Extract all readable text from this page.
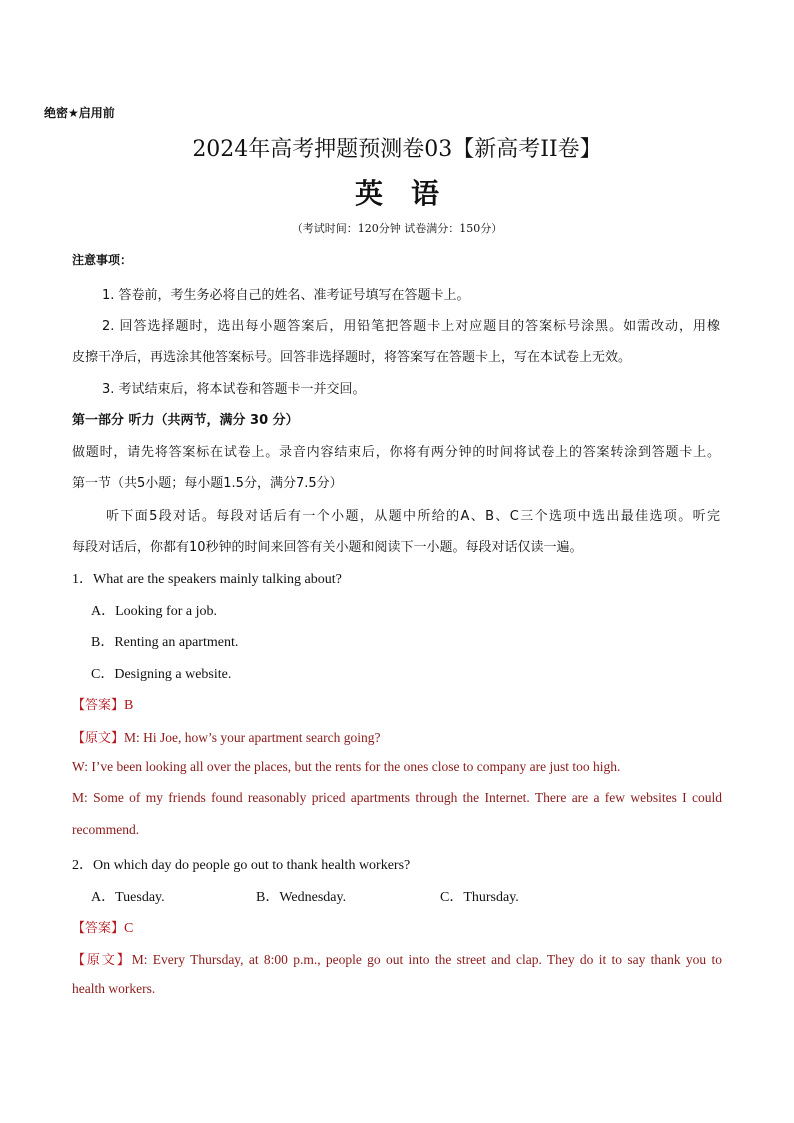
绝密★启用前
2024年高考押题预测卷03【新高考II卷】
英语
（考试时间：120分钟 试卷满分：150分）
注意事项：
1. 答卷前，考生务必将自己的姓名、准考证号填写在答题卡上。
2. 回答选择题时，选出每小题答案后，用铅笔把答题卡上对应题目的答案标号涂黑。如需改动，用橡
皮擦干净后，再选涂其他答案标号。回答非选择题时，将答案写在答题卡上，写在本试卷上无效。
3. 考试结束后，将本试卷和答题卡一并交回。
第一部分 听力（共两节，满分 30 分）
做题时，请先将答案标在试卷上。录音内容结束后，你将有两分钟的时间将试卷上的答案转涂到答题卡上。
第一节（共5小题；每小题1.5分，满分7.5分）
听下面5段对话。每段对话后有一个小题，从题中所给的A、B、C三个选项中选出最佳选项。听完
每段对话后，你都有10秒钟的时间来回答有关小题和阅读下一小题。每段对话仅读一遍。
1．What are the speakers mainly talking about?
A．Looking for a job.
B．Renting an apartment.
C．Designing a website.
【答案】B
【原文】M: Hi Joe, how’s your apartment search going?
W: I’ve been looking all over the places, but the rents for the ones close to company are just too high.
M: Some of my friends found reasonably priced apartments through the Internet. There are a few websites I could
recommend.
2．On which day do people go out to thank health workers?
A．Tuesday.	B．Wednesday.	C．Thursday.
【答案】C
【原文】M: Every Thursday, at 8:00 p.m., people go out into the street and clap. They do it to say thank you to
health workers.
